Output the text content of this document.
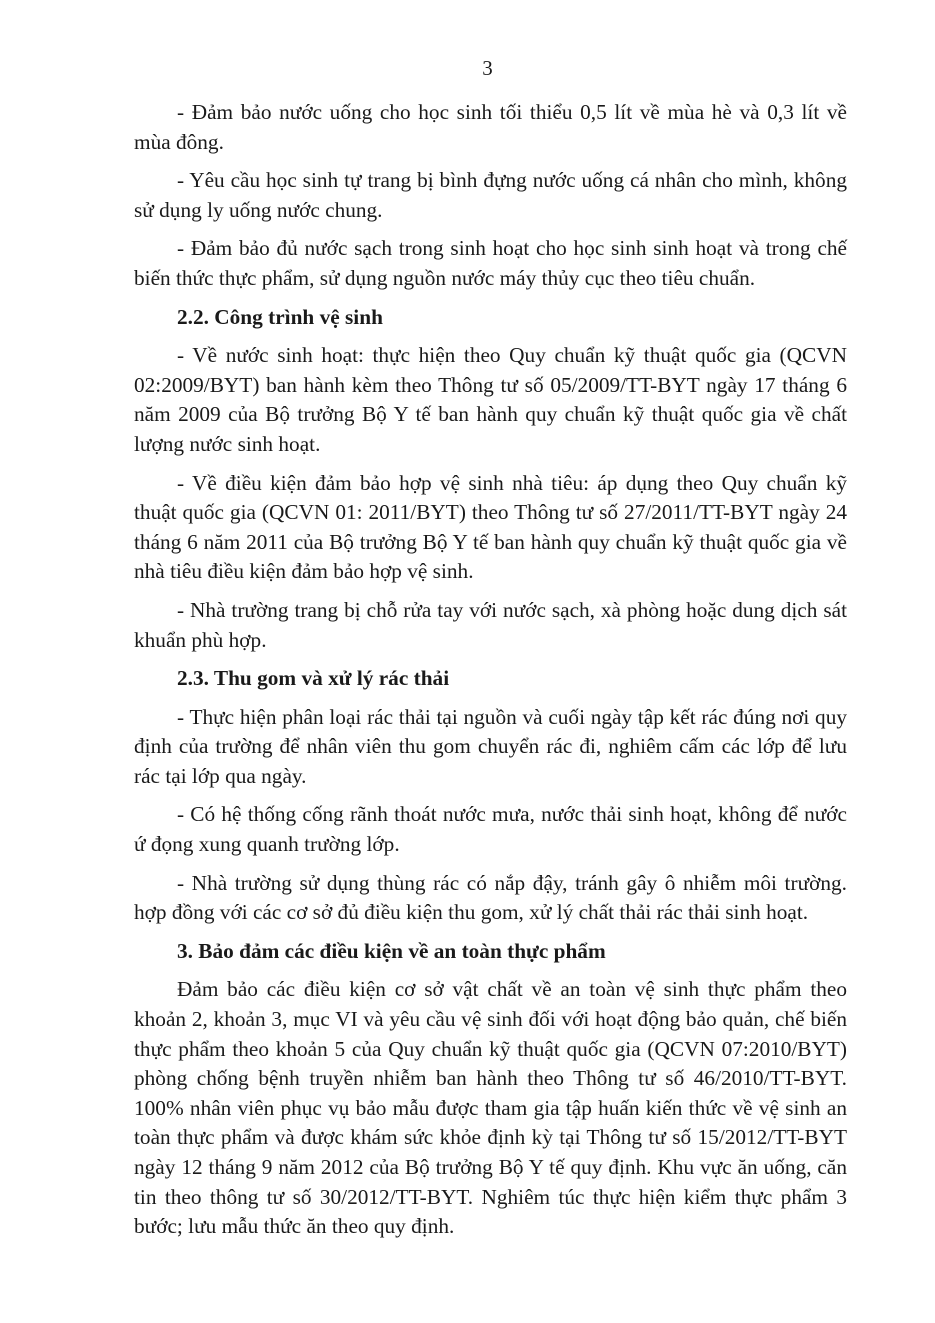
3

- Đảm bảo nước uống cho học sinh tối thiểu 0,5 lít về mùa hè và 0,3 lít về mùa đông.

- Yêu cầu học sinh tự trang bị bình đựng nước uống cá nhân cho mình, không sử dụng ly uống nước chung.

- Đảm bảo đủ nước sạch trong sinh hoạt cho học sinh sinh hoạt và trong chế biến thức thực phẩm, sử dụng nguồn nước máy thủy cục theo tiêu chuẩn.

2.2. Công trình vệ sinh

- Về nước sinh hoạt: thực hiện theo Quy chuẩn kỹ thuật quốc gia (QCVN 02:2009/BYT) ban hành kèm theo Thông tư số 05/2009/TT-BYT ngày 17 tháng 6 năm 2009 của Bộ trưởng Bộ Y tế ban hành quy chuẩn kỹ thuật quốc gia về chất lượng nước sinh hoạt.

- Về điều kiện đảm bảo hợp vệ sinh nhà tiêu: áp dụng theo Quy chuẩn kỹ thuật quốc gia (QCVN 01: 2011/BYT) theo Thông tư số 27/2011/TT-BYT ngày 24 tháng 6 năm 2011 của Bộ trưởng Bộ Y tế ban hành quy chuẩn kỹ thuật quốc gia về nhà tiêu điều kiện đảm bảo hợp vệ sinh.

- Nhà trường trang bị chỗ rửa tay với nước sạch, xà phòng hoặc dung dịch sát khuẩn phù hợp.

2.3. Thu gom và xử lý rác thải

- Thực hiện phân loại rác thải tại nguồn và cuối ngày tập kết rác đúng nơi quy định của trường để nhân viên thu gom chuyển rác đi, nghiêm cấm các lớp để lưu rác tại lớp qua ngày.

- Có hệ thống cống rãnh thoát nước mưa, nước thải sinh hoạt, không để nước ứ đọng xung quanh trường lớp.

- Nhà trường sử dụng thùng rác có nắp đậy, tránh gây ô nhiễm môi trường. hợp đồng với các cơ sở đủ điều kiện thu gom, xử lý chất thải rác thải sinh hoạt.

3. Bảo đảm các điều kiện về an toàn thực phẩm

Đảm bảo các điều kiện cơ sở vật chất về an toàn vệ sinh thực phẩm theo khoản 2, khoản 3, mục VI và yêu cầu vệ sinh đối với hoạt động bảo quản, chế biến thực phẩm theo khoản 5 của Quy chuẩn kỹ thuật quốc gia (QCVN 07:2010/BYT) phòng chống bệnh truyền nhiễm ban hành theo Thông tư số 46/2010/TT-BYT. 100% nhân viên phục vụ bảo mẫu được tham gia tập huấn kiến thức về vệ sinh an toàn thực phẩm và được khám sức khỏe định kỳ tại Thông tư số 15/2012/TT-BYT ngày 12 tháng 9 năm 2012 của Bộ trưởng Bộ Y tế quy định. Khu vực ăn uống, căn tin theo thông tư số 30/2012/TT-BYT. Nghiêm túc thực hiện kiểm thực phẩm 3 bước; lưu mẫu thức ăn theo quy định.
